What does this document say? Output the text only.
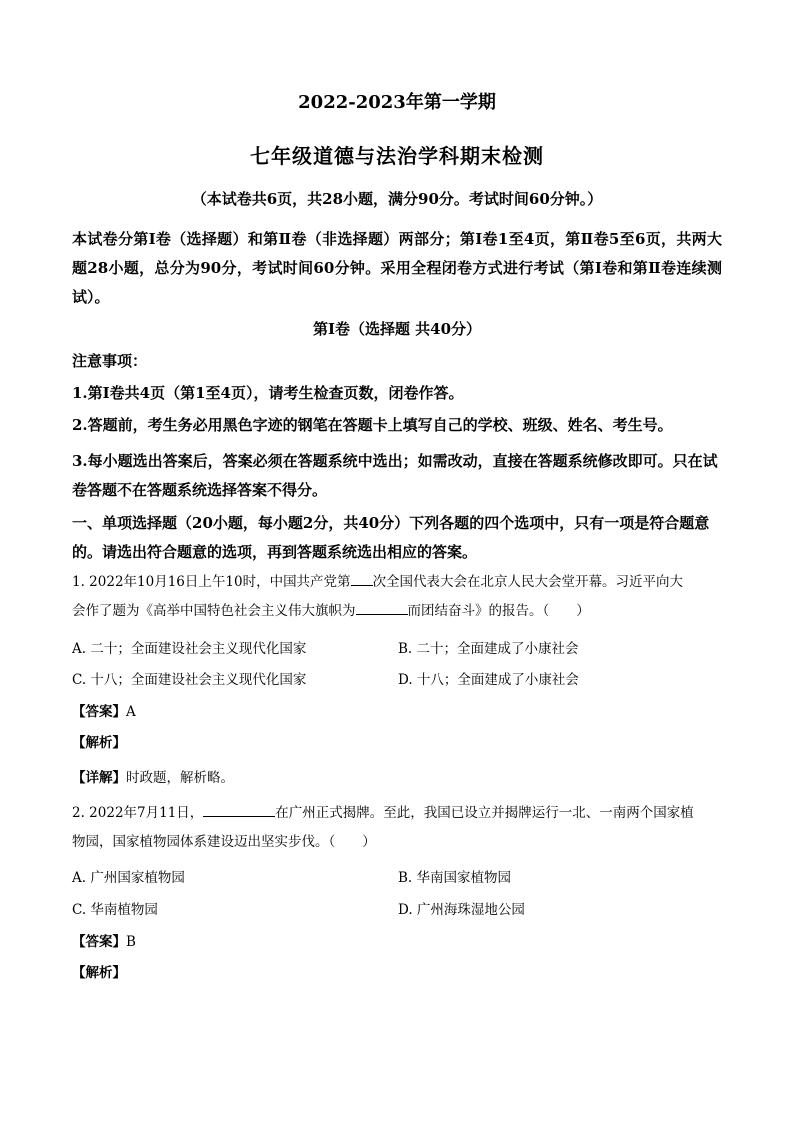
2022-2023年第一学期
七年级道德与法治学科期末检测
（本试卷共6页，共28小题，满分90分。考试时间60分钟。）
本试卷分第Ⅰ卷（选择题）和第Ⅱ卷（非选择题）两部分；第Ⅰ卷1至4页，第Ⅱ卷5至6页，共两大题28小题，总分为90分，考试时间60分钟。采用全程闭卷方式进行考试（第Ⅰ卷和第Ⅱ卷连续测试）。
第Ⅰ卷（选择题 共40分）
注意事项：
1.第Ⅰ卷共4页（第1至4页），请考生检查页数，闭卷作答。
2.答题前，考生务必用黑色字迹的钢笔在答题卡上填写自己的学校、班级、姓名、考生号。
3.每小题选出答案后，答案必须在答题系统中选出；如需改动，直接在答题系统修改即可。只在试卷答题不在答题系统选择答案不得分。
一、单项选择题（20小题，每小题2分，共40分）下列各题的四个选项中，只有一项是符合题意的。请选出符合题意的选项，再到答题系统选出相应的答案。
1. 2022年10月16日上午10时，中国共产党第 次全国代表大会在北京人民大会堂开幕。习近平向大
会作了题为《高举中国特色社会主义伟大旗帜为	而团结奋斗》的报告。（　　）
A. 二十；全面建设社会主义现代化国家	B. 二十；全面建成了小康社会
C. 十八；全面建设社会主义现代化国家	D. 十八；全面建成了小康社会
【答案】A
【解析】
【详解】时政题，解析略。
2. 2022年7月11日，	在广州正式揭牌。至此，我国已设立并揭牌运行一北、一南两个国家植
物园，国家植物园体系建设迈出坚实步伐。（　　）
A. 广州国家植物园	B. 华南国家植物园
C. 华南植物园	D. 广州海珠湿地公园
【答案】B
【解析】
